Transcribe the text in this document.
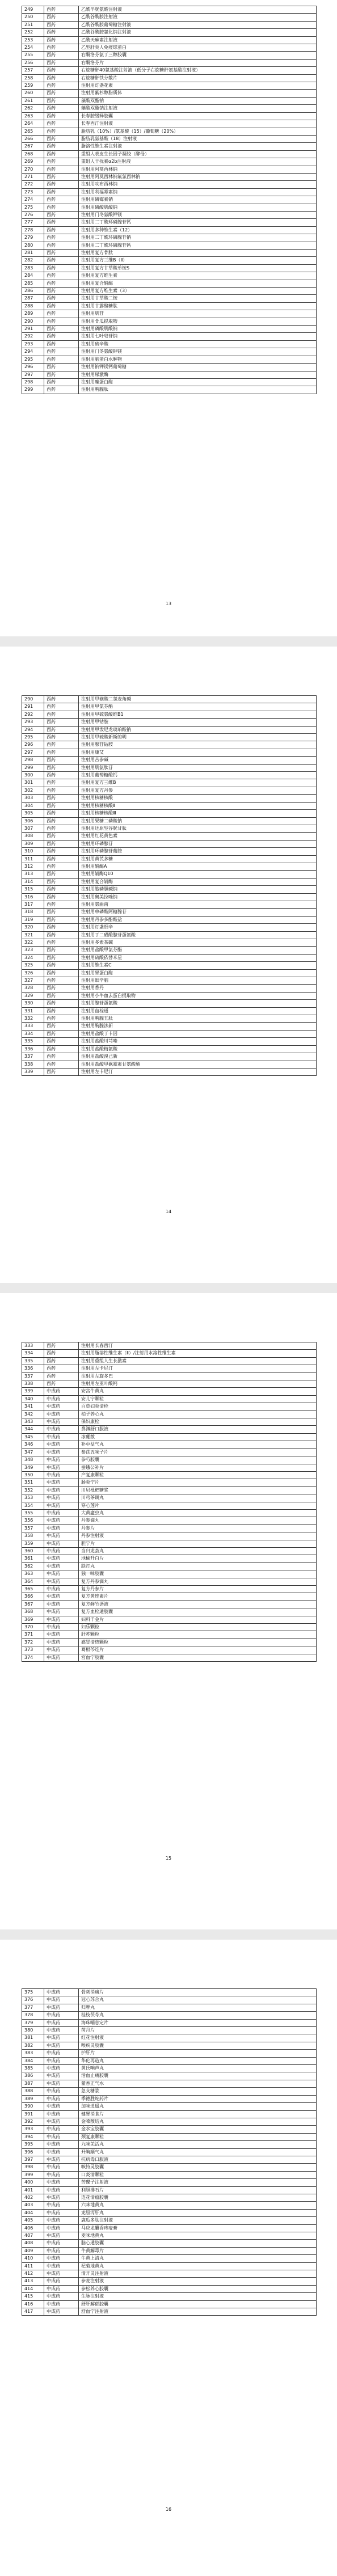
249	西药	乙酰半胱氨酸注射液
250	西药	乙酰谷酰胺注射液
251	西药	乙酰谷酰胺葡萄糖注射液
252	西药	乙酰谷酰胺氯化钠注射液
253	西药	乙酰天麻素注射液
254	西药	乙型肝炎人免疫球蛋白
255	西药	右酮洛芬氨丁三醇胶囊
256	西药	右酮洛芬片
257	西药	右旋糖酐40氨基酸注射液（低分子右旋糖酐氨基酸注射液）
258	西药	右旋糖酐铁分散片
259	西药	注射用灯盏花素
260	西药	注射用紫杉醇脂质体
261	西药	藻酸双酯钠
262	西药	藻酸双酯钠注射液
263	西药	长春胺缓释胶囊
264	西药	长春西汀注射液
265	西药	脂肪乳（10%）/氨基酸（15）/葡萄糖（20%）
266	西药	脂肪乳氨基酸（18）注射液
267	西药	脂溶性维生素注射液
268	西药	重组人表皮生长因子凝胶（酵母）
269	西药	重组人干扰素α2b注射液
270	西药	注射用阿莫西林钠
271	西药	注射用阿莫西林钠氟氯西林钠
272	西药	注射用呋布西林钠
273	西药	注射用利福霉素钠
274	西药	注射用磷霉素钠
275	西药	注射用磷酸肌酸钠
276	西药	注射用门冬氨酸钾镁
277	西药	注射用二丁酰环磷腺苷钙
278	西药	注射用多种维生素（12）
279	西药	注射用二丁酰环磷腺苷钠
280	西药	注射用二丁酰环磷腺苷钙
281	西药	注射用复方骨肽
282	西药	注射用复方三维B（Ⅱ）
283	西药	注射用复方甘草酸单铵S
284	西药	注射用复方维生素
285	西药	注射用复合辅酶
286	西药	注射用复方维生素（3）
287	西药	注射用甘草酸二铵
288	西药	注射用甘露聚糖肽
289	西药	注射用肌苷
290	西药	注射用骨瓜提取物
291	西药	注射用磷酸肌酸钠
292	西药	注射用七叶皂苷钠
293	西药	注射用硫辛酸
294	西药	注射用门冬氨酸钾镁
295	西药	注射用脑蛋白水解物
296	西药	注射用钠钾镁钙葡萄糖
297	西药	注射用尿激酶
298	西药	注射用糜蛋白酶
299	西药	注射用胸腺肽
13
290	西药	注射用甲磺酸二氢麦角碱
291	西药	注射用甲氯芬酯
292	西药	注射用甲硫氨酸维B1
293	西药	注射用甲钴胺
294	西药	注射用甲泼尼龙琥珀酸钠
295	西药	注射用甲硫酸新斯的明
296	西药	注射用腺苷钴胺
297	西药	注射用康艾
298	西药	注射用苦参碱
299	西药	注射用肌氨肽苷
300	西药	注射用葡萄糖酸钙
301	西药	注射用复方三维B
302	西药	注射用复方丹参
303	西药	注射用核糖核酸
304	西药	注射用核糖核酸Ⅱ
305	西药	注射用核糖核酸Ⅲ
306	西药	注射用果糖二磷酸钠
307	西药	注射用还原型谷胱甘肽
308	西药	注射用红花黄色素
309	西药	注射用环磷腺苷
310	西药	注射用环磷腺苷葡胺
311	西药	注射用黄芪多糖
312	西药	注射用辅酶A
313	西药	注射用辅酶Q10
314	西药	注射用复合辅酶
315	西药	注射用胞磷胆碱钠
316	西药	注射用奥美拉唑钠
317	西药	注射用氨曲南
318	西药	注射用单磷酸阿糖腺苷
319	西药	注射用丹参多酚酸盐
320	西药	注射用灯盏细辛
321	西药	注射用丁二磺酸腺苷蛋氨酸
322	西药	注射用多索茶碱
323	西药	注射用盐酸甲氯芬酯
324	西药	注射用硫酸依替米星
325	西药	注射用维生素C
326	西药	注射用胃蛋白酶
327	西药	注射用细辛脑
328	西药	注射用香丹
329	西药	注射用小牛血去蛋白提取物
330	西药	注射用腺苷蛋氨酸
331	西药	注射用血栓通
332	西药	注射用胸腺五肽
333	西药	注射用胸腺法新
334	西药	注射用盐酸丁卡因
335	西药	注射用盐酸川芎嗪
336	西药	注射用盐酸精氨酸
337	西药	注射用盐酸溴己新
338	西药	注射用盐酸甲砜霉素甘氨酸酯
339	西药	注射用左卡尼汀
14
333	西药	注射用长春西汀
334	西药	注射用脂溶性维生素（Ⅱ）/注射用水溶性维生素
335	西药	注射用重组人生长激素
336	西药	注射用左卡尼汀
337	西药	注射用左旋多巴
338	西药	注射用左亚叶酸钙
339	中成药	安宫牛黄丸
340	中成药	安儿宁颗粒
341	中成药	百草妇炎清栓
342	中成药	柏子养心丸
343	中成药	保妇康栓
344	中成药	鼻渊舒口服液
345	中成药	冰硼散
346	中成药	补中益气丸
347	中成药	参芪五味子片
348	中成药	参芍胶囊
349	中成药	蚕蛾公补片
350	中成药	产复康颗粒
351	中成药	肠炎宁片
352	中成药	川贝枇杷糖浆
353	中成药	川芎茶调丸
354	中成药	穿心莲片
355	中成药	大黄䗪虫丸
356	中成药	丹参滴丸
357	中成药	丹参片
358	中成药	丹参注射液
359	中成药	胆宁片
360	中成药	当归龙荟丸
361	中成药	地榆升白片
362	中成药	跌打丸
363	中成药	独一味胶囊
364	中成药	复方丹参滴丸
365	中成药	复方丹参片
366	中成药	复方黄连素片
367	中成药	复方鲜竹沥液
368	中成药	复方血栓通胶囊
369	中成药	妇科千金片
370	中成药	妇乐颗粒
371	中成药	肝苏颗粒
372	中成药	感冒清热颗粒
373	中成药	葛根芩连片
374	中成药	宫血宁胶囊
15
375	中成药	骨刺消痛片
376	中成药	冠心苏合丸
377	中成药	归脾丸
378	中成药	桂枝茯苓丸
379	中成药	海珠喘息定片
380	中成药	荷丹片
381	中成药	红花注射液
382	中成药	喉疾灵胶囊
383	中成药	护肝片
384	中成药	华佗再造丸
385	中成药	黄氏响声丸
386	中成药	活血止痛胶囊
387	中成药	藿香正气水
388	中成药	急支糖浆
389	中成药	季德胜蛇药片
390	中成药	加味逍遥丸
391	中成药	健胃消食片
392	中成药	金嗓散结丸
393	中成药	金水宝胶囊
394	中成药	颈复康颗粒
395	中成药	九味羌活丸
396	中成药	开胸顺气丸
397	中成药	抗病毒口服液
398	中成药	咳特灵胶囊
399	中成药	口炎清颗粒
400	中成药	苦碟子注射液
401	中成药	利胆排石片
402	中成药	连花清瘟胶囊
403	中成药	六味地黄丸
404	中成药	龙胆泻肝丸
405	中成药	鹿瓜多肽注射液
406	中成药	马应龙麝香痔疮膏
407	中成药	麦味地黄丸
408	中成药	脑心通胶囊
409	中成药	牛黄解毒片
410	中成药	牛黄上清丸
411	中成药	杞菊地黄丸
412	中成药	清开灵注射液
413	中成药	参麦注射液
414	中成药	参松养心胶囊
415	中成药	生脉注射液
416	中成药	舒肝解郁胶囊
417	中成药	舒血宁注射液
16
